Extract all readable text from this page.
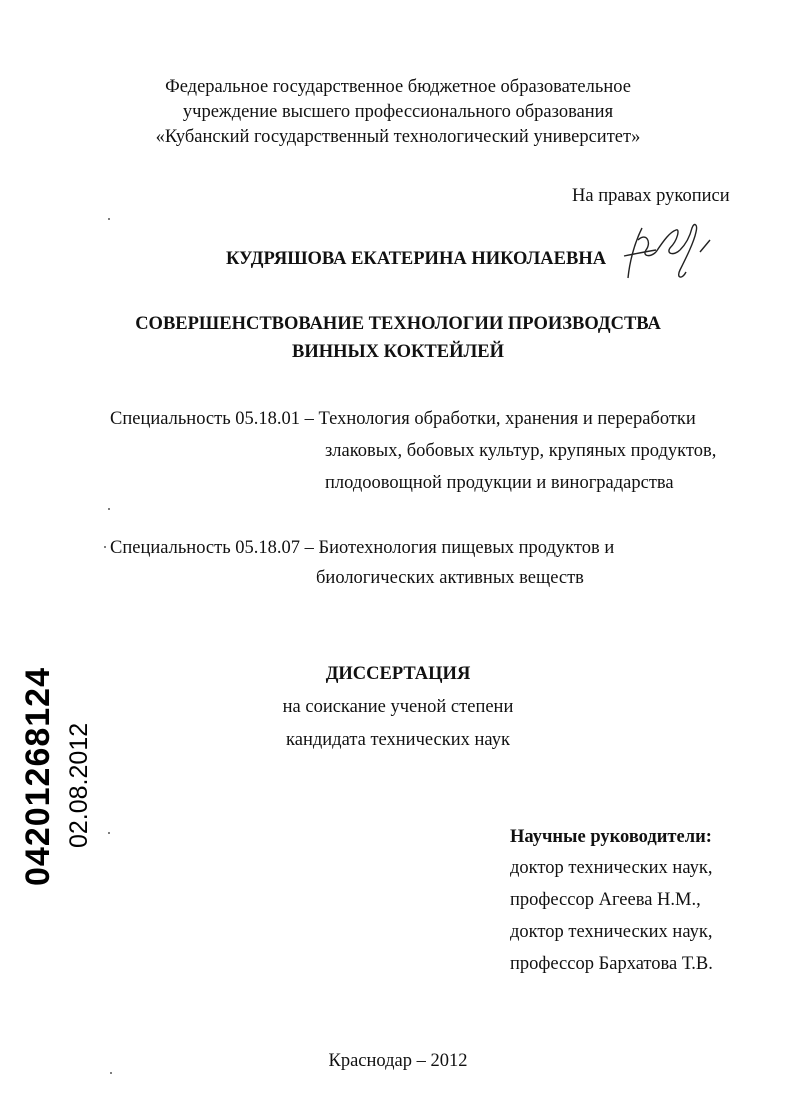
Федеральное государственное бюджетное образовательное
учреждение высшего профессионального образования
«Кубанский государственный технологический университет»
На правах рукописи
КУДРЯШОВА ЕКАТЕРИНА НИКОЛАЕВНА
СОВЕРШЕНСТВОВАНИЕ ТЕХНОЛОГИИ ПРОИЗВОДСТВА
ВИННЫХ КОКТЕЙЛЕЙ
Специальность 05.18.01 – Технология обработки, хранения и переработки
злаковых, бобовых культур, крупяных продуктов,
плодоовощной продукции и виноградарства
Специальность 05.18.07 – Биотехнология пищевых продуктов и
биологических активных веществ
ДИССЕРТАЦИЯ
на соискание ученой степени
кандидата технических наук
Научные руководители:
доктор технических наук,
профессор Агеева Н.М.,
доктор технических наук,
профессор Бархатова Т.В.
Краснодар – 2012
04201268124 02.08.2012
